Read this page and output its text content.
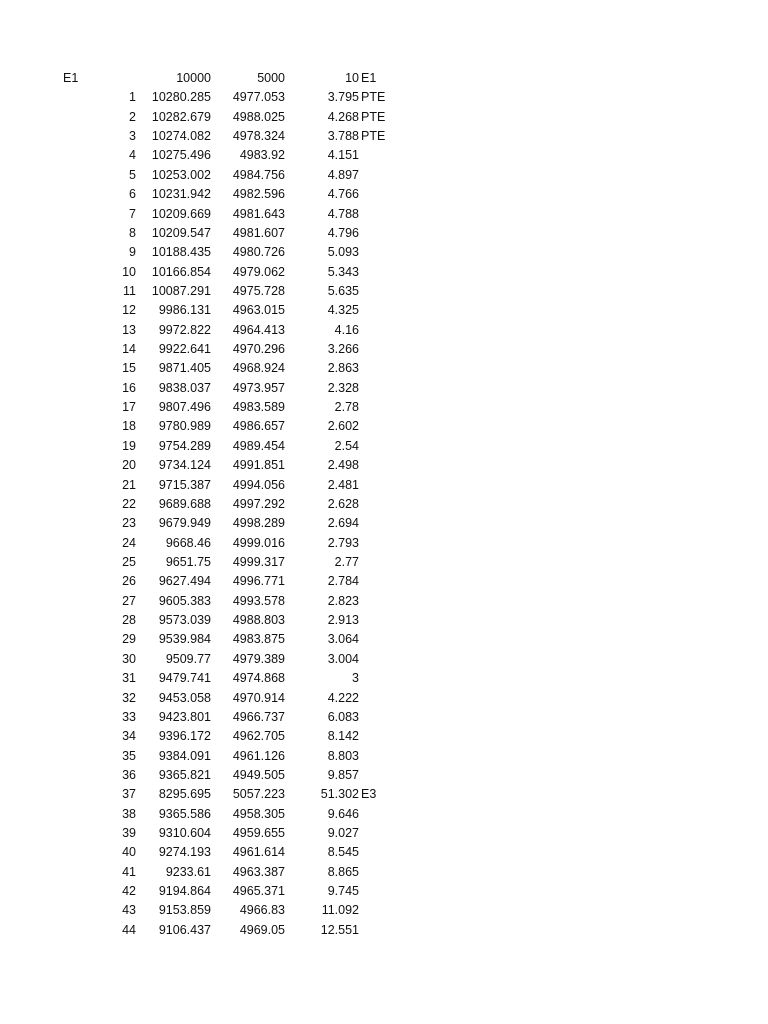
E1	10000	5000	10 E1
1 10280.285 4977.053	3.795 PTE
2 10282.679 4988.025	4.268 PTE
3 10274.082 4978.324	3.788 PTE
4 10275.496 4983.92	4.151
5 10253.002 4984.756	4.897
6 10231.942 4982.596	4.766
7 10209.669 4981.643	4.788
8 10209.547 4981.607	4.796
9 10188.435 4980.726	5.093
10 10166.854 4979.062	5.343
11 10087.291 4975.728	5.635
12 9986.131 4963.015	4.325
13 9972.822 4964.413	4.16
14 9922.641 4970.296	3.266
15 9871.405 4968.924	2.863
16 9838.037 4973.957	2.328
17 9807.496 4983.589	2.78
18 9780.989 4986.657	2.602
19 9754.289 4989.454	2.54
20 9734.124 4991.851	2.498
21 9715.387 4994.056	2.481
22 9689.688 4997.292	2.628
23 9679.949 4998.289	2.694
24 9668.46 4999.016	2.793
25 9651.75 4999.317	2.77
26 9627.494 4996.771	2.784
27 9605.383 4993.578	2.823
28 9573.039 4988.803	2.913
29 9539.984 4983.875	3.064
30 9509.77 4979.389	3.004
31 9479.741 4974.868	3
32 9453.058 4970.914	4.222
33 9423.801 4966.737	6.083
34 9396.172 4962.705	8.142
35 9384.091 4961.126	8.803
36 9365.821 4949.505	9.857
37 8295.695 5057.223	51.302 E3
38 9365.586 4958.305	9.646
39 9310.604 4959.655	9.027
40 9274.193 4961.614	8.545
41 9233.61 4963.387	8.865
42 9194.864 4965.371	9.745
43 9153.859 4966.83	11.092
44 9106.437 4969.05	12.551
